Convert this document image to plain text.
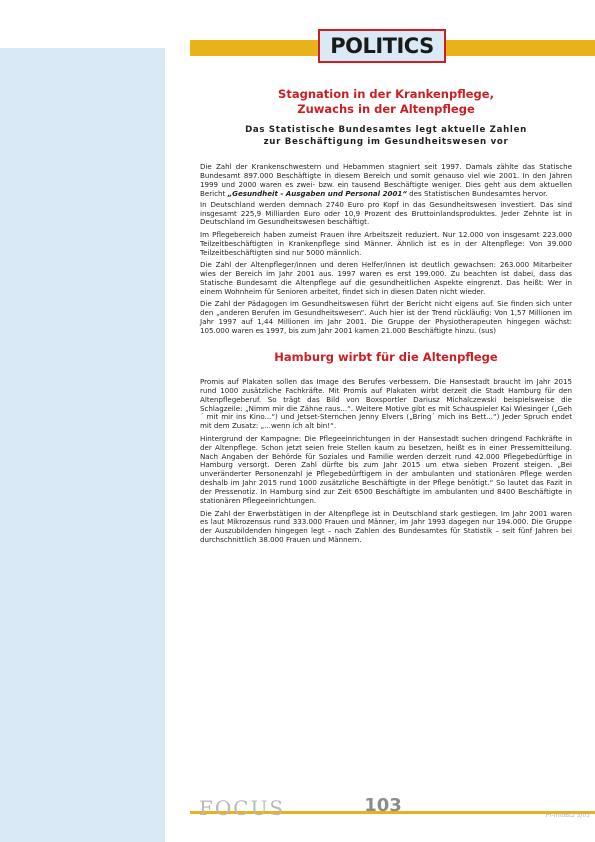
POLITICS
Stagnation in der Krankenpflege,
Zuwachs in der Altenpflege
Das Statistische Bundesamtes legt aktuelle Zahlen
zur Beschäftigung im Gesundheitswesen vor

Die Zahl der Krankenschwestern und Hebammen stagniert seit 1997. Damals zählte das Statische Bundesamt 897.000 Beschäftigte in diesem Bereich und somit genauso viel wie 2001. In den Jahren 1999 und 2000 waren es zwei- bzw. ein tausend Beschäftigte weniger. Dies geht aus dem aktuellen Bericht „Gesundheit - Ausgaben und Personal 2001“ des Statistischen Bundesamtes hervor.

In Deutschland werden demnach 2740 Euro pro Kopf in das Gesundheitswesen investiert. Das sind insgesamt 225,9 Milliarden Euro oder 10,9 Prozent des Bruttoinlandsproduktes. Jeder Zehnte ist in Deutschland im Gesundheitswesen beschäftigt.

Im Pflegebereich haben zumeist Frauen ihre Arbeitszeit reduziert. Nur 12.000 von insgesamt 223.000 Teilzeitbeschäftigten in Krankenpflege sind Männer. Ähnlich ist es in der Altenpflege: Von 39.000 Teilzeitbeschäftigten sind nur 5000 männlich.

Die Zahl der Altenpfleger/innen und deren Helfer/innen ist deutlich gewachsen: 263.000 Mitarbeiter wies der Bereich im Jahr 2001 aus. 1997 waren es erst 199.000. Zu beachten ist dabei, dass das Statische Bundesamt die Altenpflege auf die gesundheitlichen Aspekte eingrenzt. Das heißt: Wer in einem Wohnheim für Senioren arbeitet, findet sich in diesen Daten nicht wieder.

Die Zahl der Pädagogen im Gesundheitswesen führt der Bericht nicht eigens auf. Sie finden sich unter den „anderen Berufen im Gesundheitswesen“. Auch hier ist der Trend rückläufig: Von 1,57 Millionen im Jahr 1997 auf 1,44 Millionen im Jahr 2001. Die Gruppe der Physiotherapeuten hingegen wächst: 105.000 waren es 1997, bis zum Jahr 2001 kamen 21.000 Beschäftigte hinzu. (sus)

Hamburg wirbt für die Altenpflege

Promis auf Plakaten sollen das Image des Berufes verbessern. Die Hansestadt braucht im Jahr 2015 rund 1000 zusätzliche Fachkräfte. Mit Promis auf Plakaten wirbt derzeit die Stadt Hamburg für den Altenpflegeberuf. So trägt das Bild von Boxsportler Dariusz Michalczewski beispielsweise die Schlagzeile: „Nimm mir die Zähne raus...“. Weitere Motive gibt es mit Schauspieler Kai Wiesinger („Geh´ mit mir ins Kino...“) und Jetset-Sternchen Jenny Elvers („Bring´ mich ins Bett...“) Jeder Spruch endet mit dem Zusatz: „...wenn ich alt bin!“.

Hintergrund der Kampagne: Die Pflegeeinrichtungen in der Hansestadt suchen dringend Fachkräfte in der Altenpflege. Schon jetzt seien freie Stellen kaum zu besetzen, heißt es in einer Pressemitteilung. Nach Angaben der Behörde für Soziales und Familie werden derzeit rund 42.000 Pflegebedürftige in Hamburg versorgt. Deren Zahl dürfte bis zum Jahr 2015 um etwa sieben Prozent steigen. „Bei unveränderter Personenzahl je Pflegebedürftigem in der ambulanten und stationären Pflege werden deshalb im Jahr 2015 rund 1000 zusätzliche Beschäftigte in der Pflege benötigt.“ So lautet das Fazit in der Pressenotiz. In Hamburg sind zur Zeit 6500 Beschäftigte im ambulanten und 8400 Beschäftigte in stationären Pflegeeinrichtungen.

Die Zahl der Erwerbstätigen in der Altenpflege ist in Deutschland stark gestiegen. Im Jahr 2001 waren es laut Mikrozensus rund 333.000 Frauen und Männer, im Jahr 1993 dagegen nur 194.000. Die Gruppe der Auszubildenden hingegen legt – nach Zahlen des Bundesamtes für Statistik – seit fünf Jahren bei durchschnittlich 38.000 Frauen und Männern.

FOCUS	103	Pr-InfoBtz 3/03
